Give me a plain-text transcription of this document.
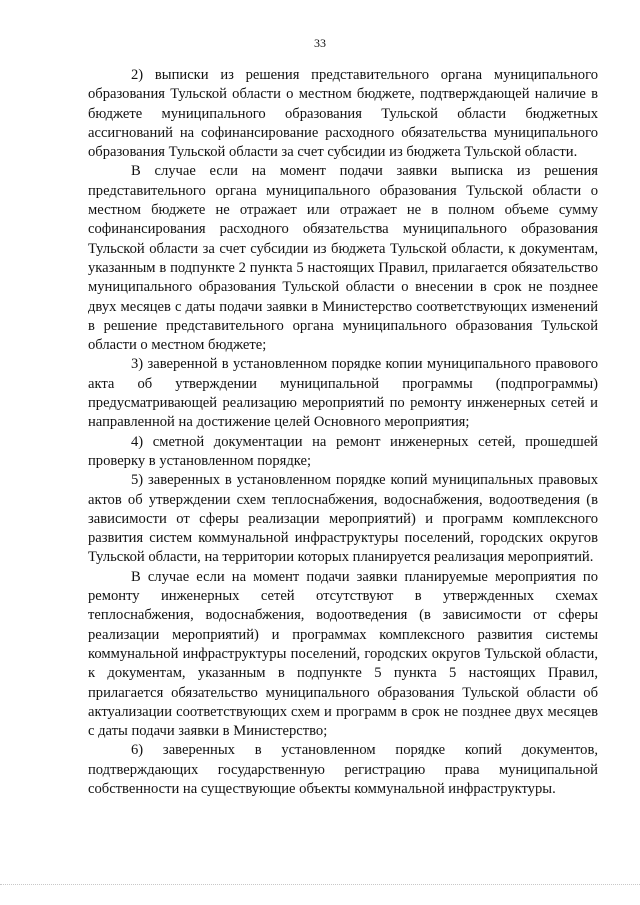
33

2) выписки из решения представительного органа муниципального образования Тульской области о местном бюджете, подтверждающей наличие в бюджете муниципального образования Тульской области бюджетных ассигнований на софинансирование расходного обязательства муниципального образования Тульской области за счет субсидии из бюджета Тульской области.

В случае если на момент подачи заявки выписка из решения представительного органа муниципального образования Тульской области о местном бюджете не отражает или отражает не в полном объеме сумму софинансирования расходного обязательства муниципального образования Тульской области за счет субсидии из бюджета Тульской области, к документам, указанным в подпункте 2 пункта 5 настоящих Правил, прилагается обязательство муниципального образования Тульской области о внесении в срок не позднее двух месяцев с даты подачи заявки в Министерство соответствующих изменений в решение представительного органа муниципального образования Тульской области о местном бюджете;

3) заверенной в установленном порядке копии муниципального правового акта об утверждении муниципальной программы (подпрограммы) предусматривающей реализацию мероприятий по ремонту инженерных сетей и направленной на достижение целей Основного мероприятия;

4) сметной документации на ремонт инженерных сетей, прошедшей проверку в установленном порядке;

5) заверенных в установленном порядке копий муниципальных правовых актов об утверждении схем теплоснабжения, водоснабжения, водоотведения (в зависимости от сферы реализации мероприятий) и программ комплексного развития систем коммунальной инфраструктуры поселений, городских округов Тульской области, на территории которых планируется реализация мероприятий.

В случае если на момент подачи заявки планируемые мероприятия по ремонту инженерных сетей отсутствуют в утвержденных схемах теплоснабжения, водоснабжения, водоотведения (в зависимости от сферы реализации мероприятий) и программах комплексного развития системы коммунальной инфраструктуры поселений, городских округов Тульской области, к документам, указанным в подпункте 5 пункта 5 настоящих Правил, прилагается обязательство муниципального образования Тульской области об актуализации соответствующих схем и программ в срок не позднее двух месяцев с даты подачи заявки в Министерство;

6) заверенных в установленном порядке копий документов, подтверждающих государственную регистрацию права муниципальной собственности на существующие объекты коммунальной инфраструктуры.
